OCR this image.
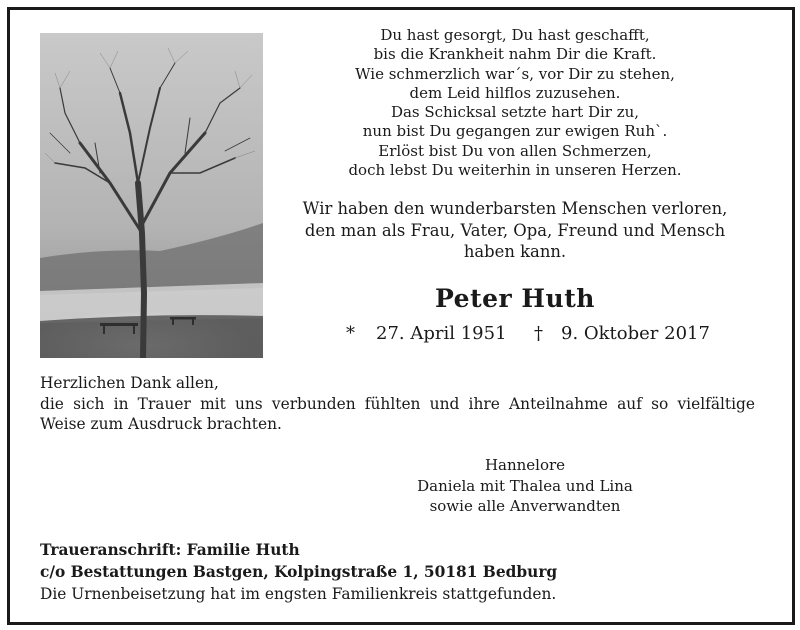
Du hast gesorgt, Du hast geschafft,
bis die Krankheit nahm Dir die Kraft.
Wie schmerzlich war´s, vor Dir zu stehen,
dem Leid hilflos zuzusehen.
Das Schicksal setzte hart Dir zu,
nun bist Du gegangen zur ewigen Ruh`.
Erlöst bist Du von allen Schmerzen,
doch lebst Du weiterhin in unseren Herzen.
Wir haben den wunderbarsten Menschen verloren,
den man als Frau, Vater, Opa, Freund und Mensch
haben kann.
Peter Huth
* 27. April 1951 † 9. Oktober 2017
Herzlichen Dank allen,
die sich in Trauer mit uns verbunden fühlten und ihre Anteilnahme auf so vielfältige
Weise zum Ausdruck brachten.
Hannelore
Daniela mit Thalea und Lina
sowie alle Anverwandten
Traueranschrift: Familie Huth
c/o Bestattungen Bastgen, Kolpingstraße 1, 50181 Bedburg
Die Urnenbeisetzung hat im engsten Familienkreis stattgefunden.
